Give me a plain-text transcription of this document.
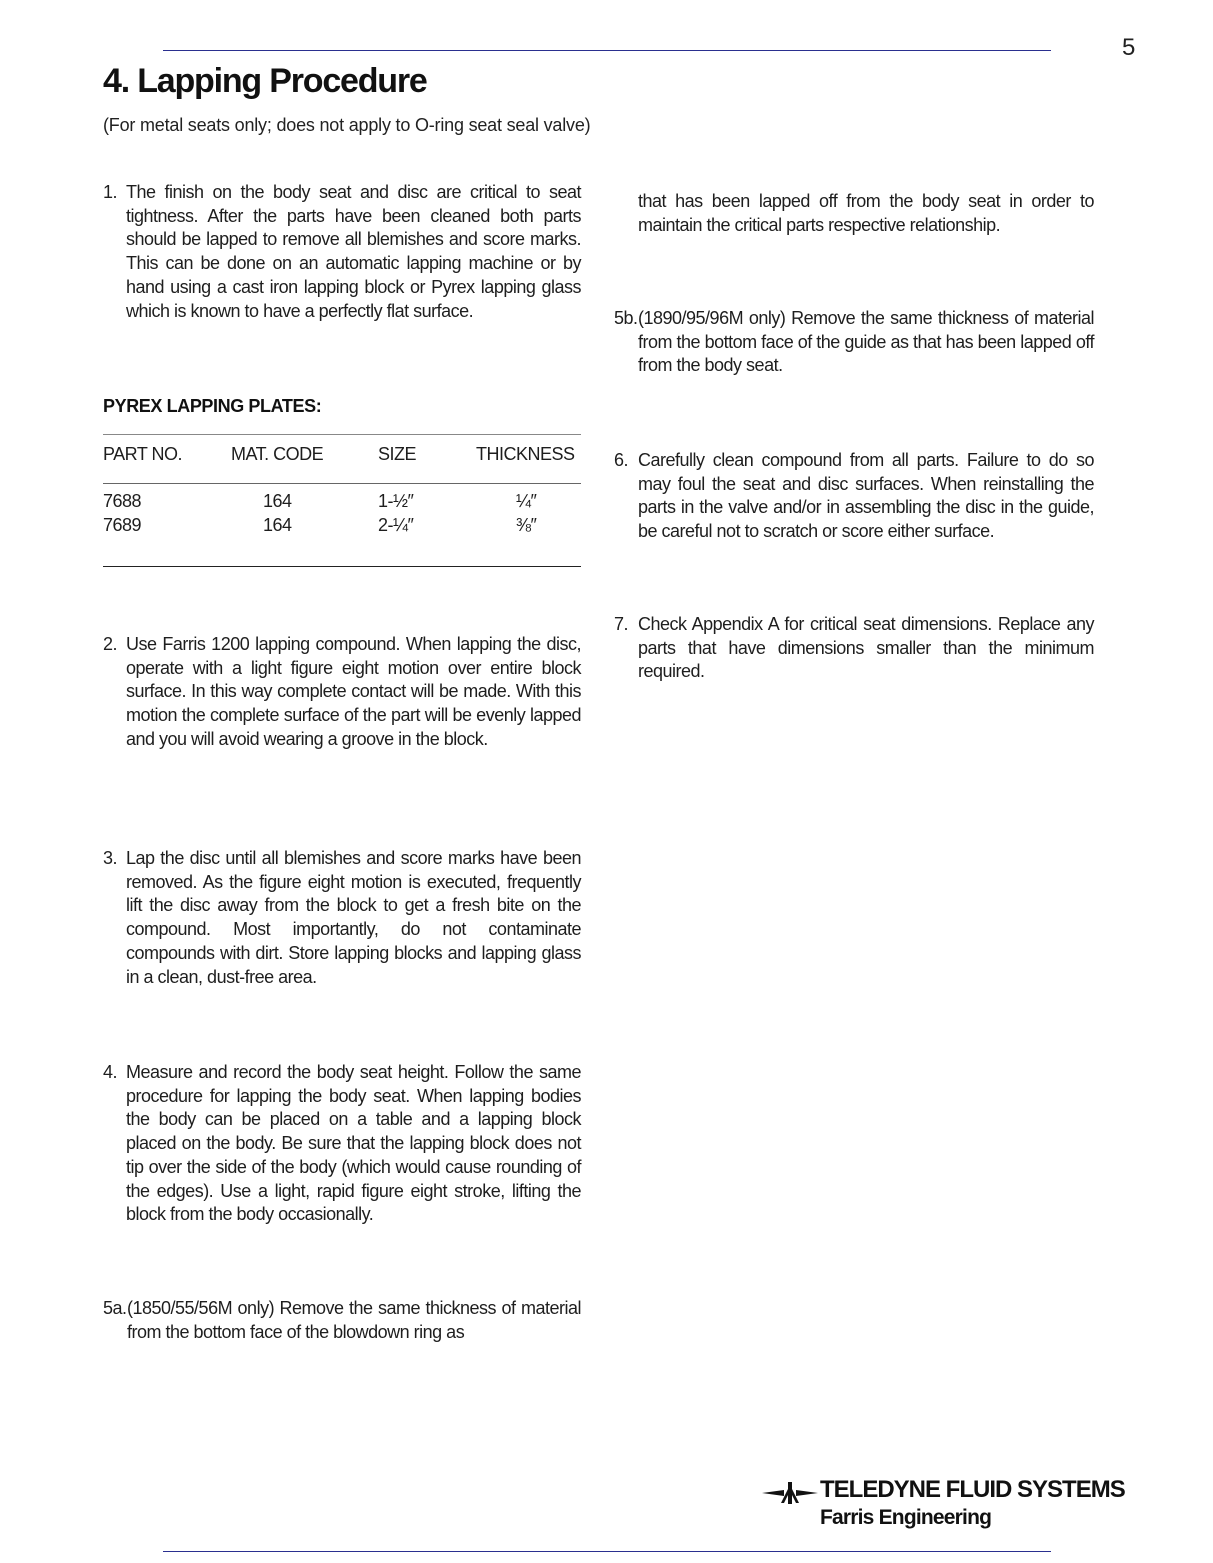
5
4. Lapping Procedure
(For metal seats only; does not apply to O-ring seat seal valve)
1. The finish on the body seat and disc are critical to seat tightness. After the parts have been cleaned both parts should be lapped to remove all blemishes and score marks. This can be done on an automatic lapping machine or by hand using a cast iron lapping block or Pyrex lapping glass which is known to have a perfectly flat surface.
PYREX LAPPING PLATES:
PART NO.	MAT. CODE	SIZE	THICKNESS
7688	164	1-½″	¼″
7689	164	2-¼″	⅜″
2. Use Farris 1200 lapping compound. When lapping the disc, operate with a light figure eight motion over entire block surface. In this way complete contact will be made. With this motion the complete surface of the part will be evenly lapped and you will avoid wearing a groove in the block.
3. Lap the disc until all blemishes and score marks have been removed. As the figure eight motion is executed, frequently lift the disc away from the block to get a fresh bite on the compound. Most importantly, do not contaminate compounds with dirt. Store lapping blocks and lapping glass in a clean, dust-free area.
4. Measure and record the body seat height. Follow the same procedure for lapping the body seat. When lapping bodies the body can be placed on a table and a lapping block placed on the body. Be sure that the lapping block does not tip over the side of the body (which would cause rounding of the edges). Use a light, rapid figure eight stroke, lifting the block from the body occasionally.
5a. (1850/55/56M only) Remove the same thickness of material from the bottom face of the blowdown ring as
that has been lapped off from the body seat in order to maintain the critical parts respective relationship.
5b. (1890/95/96M only) Remove the same thickness of material from the bottom face of the guide as that has been lapped off from the body seat.
6. Carefully clean compound from all parts. Failure to do so may foul the seat and disc surfaces. When reinstalling the parts in the valve and/or in assembling the disc in the guide, be careful not to scratch or score either surface.
7. Check Appendix A for critical seat dimensions. Replace any parts that have dimensions smaller than the minimum required.
TELEDYNE FLUID SYSTEMS
Farris Engineering
